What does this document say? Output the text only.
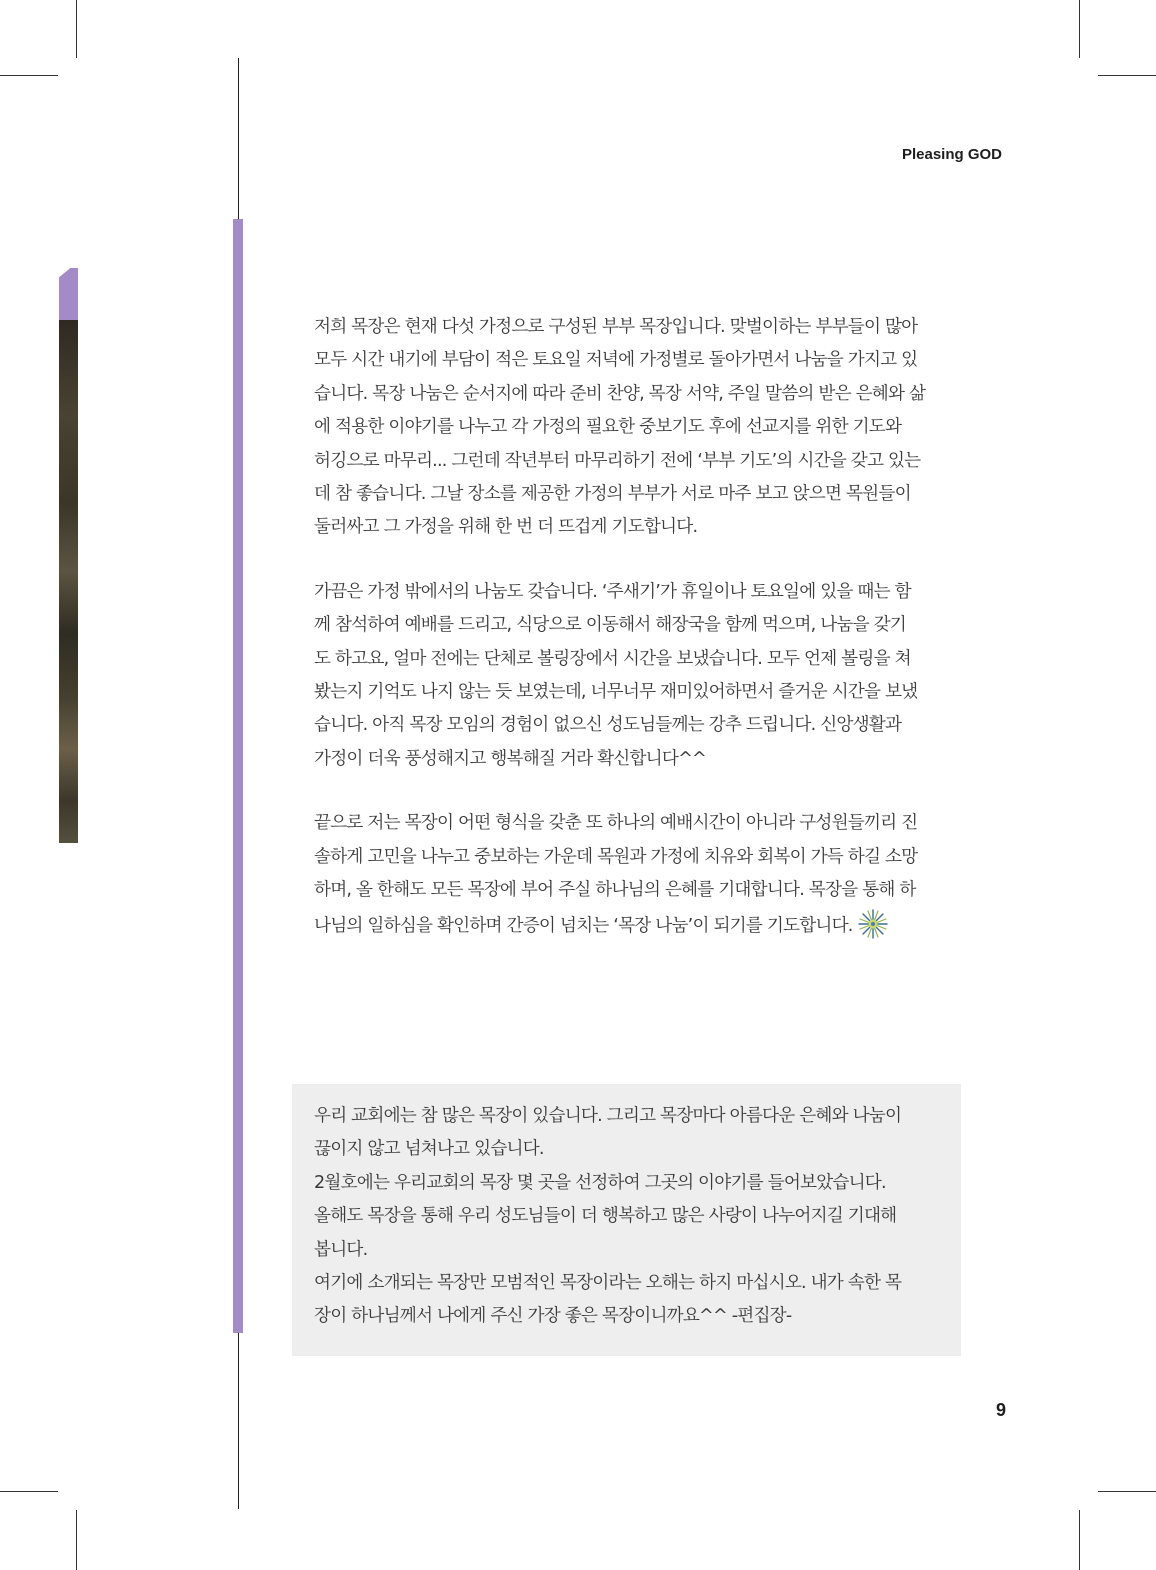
Pleasing GOD

저희 목장은 현재 다섯 가정으로 구성된 부부 목장입니다. 맞벌이하는 부부들이 많아
모두 시간 내기에 부담이 적은 토요일 저녁에 가정별로 돌아가면서 나눔을 가지고 있
습니다. 목장 나눔은 순서지에 따라 준비 찬양, 목장 서약, 주일 말씀의 받은 은혜와 삶
에 적용한 이야기를 나누고 각 가정의 필요한 중보기도 후에 선교지를 위한 기도와
허깅으로 마무리... 그런데 작년부터 마무리하기 전에 ‘부부 기도’의 시간을 갖고 있는
데 참 좋습니다. 그날 장소를 제공한 가정의 부부가 서로 마주 보고 앉으면 목원들이
둘러싸고 그 가정을 위해 한 번 더 뜨겁게 기도합니다.

가끔은 가정 밖에서의 나눔도 갖습니다. ‘주새기’가 휴일이나 토요일에 있을 때는 함
께 참석하여 예배를 드리고, 식당으로 이동해서 해장국을 함께 먹으며, 나눔을 갖기
도 하고요, 얼마 전에는 단체로 볼링장에서 시간을 보냈습니다. 모두 언제 볼링을 쳐
봤는지 기억도 나지 않는 듯 보였는데, 너무너무 재미있어하면서 즐거운 시간을 보냈
습니다. 아직 목장 모임의 경험이 없으신 성도님들께는 강추 드립니다. 신앙생활과
가정이 더욱 풍성해지고 행복해질 거라 확신합니다^^

끝으로 저는 목장이 어떤 형식을 갖춘 또 하나의 예배시간이 아니라 구성원들끼리 진
솔하게 고민을 나누고 중보하는 가운데 목원과 가정에 치유와 회복이 가득 하길 소망
하며, 올 한해도 모든 목장에 부어 주실 하나님의 은혜를 기대합니다. 목장을 통해 하
나님의 일하심을 확인하며 간증이 넘치는 ‘목장 나눔’이 되기를 기도합니다.

우리 교회에는 참 많은 목장이 있습니다. 그리고 목장마다 아름다운 은혜와 나눔이
끊이지 않고 넘쳐나고 있습니다.
2월호에는 우리교회의 목장 몇 곳을 선정하여 그곳의 이야기를 들어보았습니다.
올해도 목장을 통해 우리 성도님들이 더 행복하고 많은 사랑이 나누어지길 기대해
봅니다.
여기에 소개되는 목장만 모범적인 목장이라는 오해는 하지 마십시오. 내가 속한 목
장이 하나님께서 나에게 주신 가장 좋은 목장이니까요^^ -편집장-
9
